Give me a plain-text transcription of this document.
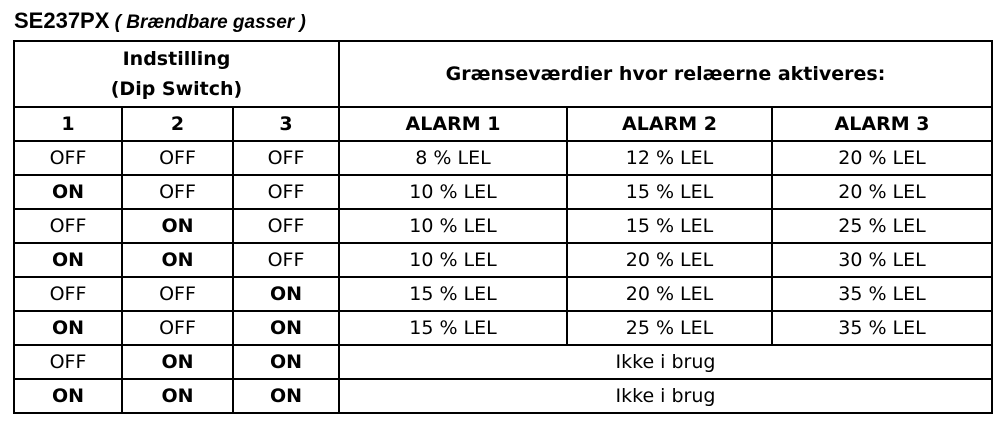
SE237PX ( Brændbare gasser )
Indstilling
(Dip Switch)			Grænseværdier hvor relæerne aktiveres:		
1	2	3	ALARM 1	ALARM 2	ALARM 3
OFF	OFF	OFF	8 % LEL	12 % LEL	20 % LEL
ON	OFF	OFF	10 % LEL	15 % LEL	20 % LEL
OFF	ON	OFF	10 % LEL	15 % LEL	25 % LEL
ON	ON	OFF	10 % LEL	20 % LEL	30 % LEL
OFF	OFF	ON	15 % LEL	20 % LEL	35 % LEL
ON	OFF	ON	15 % LEL	25 % LEL	35 % LEL
OFF	ON	ON	Ikke i brug		
ON	ON	ON	Ikke i brug		
